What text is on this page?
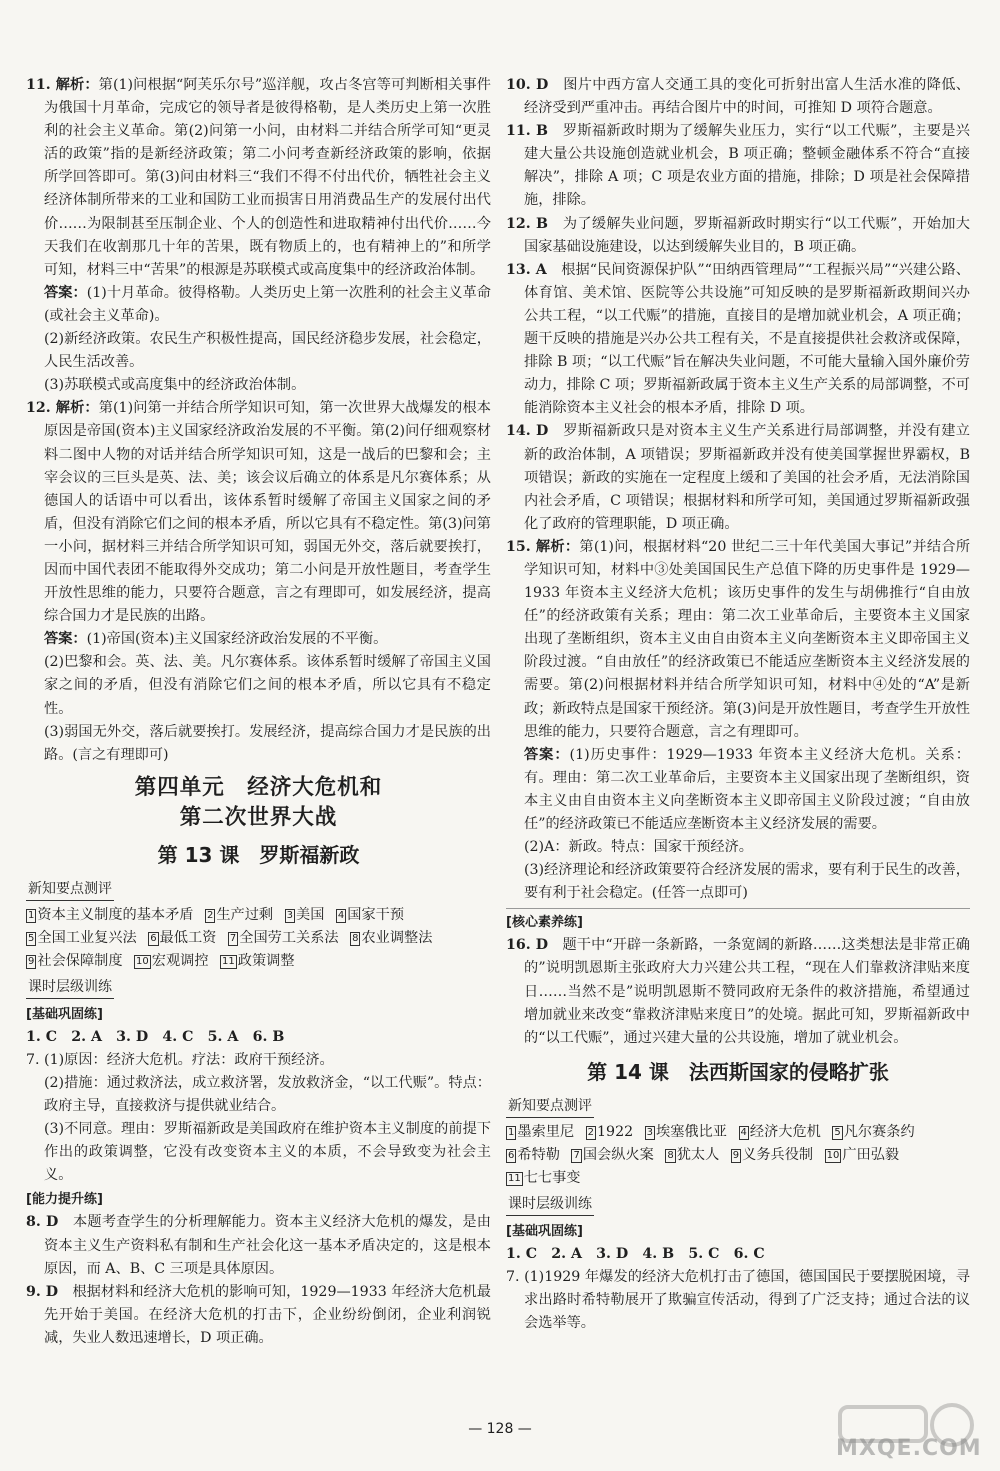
11. 解析：第(1)问根据“阿芙乐尔号”巡洋舰，攻占冬宫等可判断相关事件为俄国十月革命，完成它的领导者是彼得格勒，是人类历史上第一次胜利的社会主义革命。第(2)问第一小问，由材料二并结合所学可知“更灵活的政策”指的是新经济政策；第二小问考查新经济政策的影响，依据所学回答即可。第(3)问由材料三“我们不得不付出代价，牺牲社会主义经济体制所带来的工业和国防工业而损害日用消费品生产的发展付出代价……为限制甚至压制企业、个人的创造性和进取精神付出代价……今天我们在收割那几十年的苦果，既有物质上的，也有精神上的”和所学可知，材料三中“苦果”的根源是苏联模式或高度集中的经济政治体制。

答案：(1)十月革命。彼得格勒。人类历史上第一次胜利的社会主义革命(或社会主义革命)。

(2)新经济政策。农民生产积极性提高，国民经济稳步发展，社会稳定，人民生活改善。

(3)苏联模式或高度集中的经济政治体制。

12. 解析：第(1)问第一并结合所学知识可知，第一次世界大战爆发的根本原因是帝国(资本)主义国家经济政治发展的不平衡。第(2)问仔细观察材料二图中人物的对话并结合所学知识可知，这是一战后的巴黎和会；主宰会议的三巨头是英、法、美；该会议后确立的体系是凡尔赛体系；从德国人的话语中可以看出，该体系暂时缓解了帝国主义国家之间的矛盾，但没有消除它们之间的根本矛盾，所以它具有不稳定性。第(3)问第一小问，据材料三并结合所学知识可知，弱国无外交，落后就要挨打，因而中国代表团不能取得外交成功；第二小问是开放性题目，考查学生开放性思维的能力，只要符合题意，言之有理即可，如发展经济，提高综合国力才是民族的出路。

答案：(1)帝国(资本)主义国家经济政治发展的不平衡。

(2)巴黎和会。英、法、美。凡尔赛体系。该体系暂时缓解了帝国主义国家之间的矛盾，但没有消除它们之间的根本矛盾，所以它具有不稳定性。

(3)弱国无外交，落后就要挨打。发展经济，提高综合国力才是民族的出路。(言之有理即可)

第四单元　经济大危机和
第二次世界大战
第 13 课　罗斯福新政
新知要点测评
1 资本主义制度的基本矛盾 2 生产过剩 3 美国 4 国家干预 5 全国工业复兴法 6 最低工资 7 全国劳工关系法 8 农业调整法 9 社会保障制度 10 宏观调控 11 政策调整
课时层级训练
[基础巩固练]

1. C　2. A　3. D　4. C　5. A　6. B

7. (1)原因：经济大危机。疗法：政府干预经济。

(2)措施：通过救济法，成立救济署，发放救济金，“以工代赈”。特点：政府主导，直接救济与提供就业结合。

(3)不同意。理由：罗斯福新政是美国政府在维护资本主义制度的前提下作出的政策调整，它没有改变资本主义的本质，不会导致变为社会主义。

[能力提升练]

8. D　 本题考查学生的分析理解能力。资本主义经济大危机的爆发，是由资本主义生产资料私有制和生产社会化这一基本矛盾决定的，这是根本原因，而 A、B、C 三项是具体原因。

9. D　 根据材料和经济大危机的影响可知，1929—1933 年经济大危机最先开始于美国。在经济大危机的打击下，企业纷纷倒闭，企业利润锐减，失业人数迅速增长，D 项正确。

10. D　 图片中西方富人交通工具的变化可折射出富人生活水准的降低、经济受到严重冲击。再结合图片中的时间，可推知 D 项符合题意。

11. B　 罗斯福新政时期为了缓解失业压力，实行“以工代赈”，主要是兴建大量公共设施创造就业机会，B 项正确；整顿金融体系不符合“直接解决”，排除 A 项；C 项是农业方面的措施，排除；D 项是社会保障措施，排除。

12. B　 为了缓解失业问题，罗斯福新政时期实行“以工代赈”，开始加大国家基础设施建设，以达到缓解失业目的，B 项正确。

13. A　 根据“民间资源保护队”“田纳西管理局”“工程振兴局”“兴建公路、体育馆、美术馆、医院等公共设施”可知反映的是罗斯福新政期间兴办公共工程，“以工代赈”的措施，直接目的是增加就业机会，A 项正确；题干反映的措施是兴办公共工程有关，不是直接提供社会救济或保障，排除 B 项；“以工代赈”旨在解决失业问题，不可能大量输入国外廉价劳动力，排除 C 项；罗斯福新政属于资本主义生产关系的局部调整，不可能消除资本主义社会的根本矛盾，排除 D 项。

14. D　 罗斯福新政只是对资本主义生产关系进行局部调整，并没有建立新的政治体制，A 项错误；罗斯福新政并没有使美国掌握世界霸权，B 项错误；新政的实施在一定程度上缓和了美国的社会矛盾，无法消除国内社会矛盾，C 项错误；根据材料和所学可知，美国通过罗斯福新政强化了政府的管理职能，D 项正确。

15. 解析：第(1)问，根据材料“20 世纪二三十年代美国大事记”并结合所学知识可知，材料中③处美国国民生产总值下降的历史事件是 1929—1933 年资本主义经济大危机；该历史事件的发生与胡佛推行“自由放任”的经济政策有关系；理由：第二次工业革命后，主要资本主义国家出现了垄断组织，资本主义由自由资本主义向垄断资本主义即帝国主义阶段过渡。“自由放任”的经济政策已不能适应垄断资本主义经济发展的需要。第(2)问根据材料并结合所学知识可知，材料中④处的“A”是新政；新政特点是国家干预经济。第(3)问是开放性题目，考查学生开放性思维的能力，只要符合题意，言之有理即可。

答案：(1)历史事件：1929—1933 年资本主义经济大危机。关系：有。理由：第二次工业革命后，主要资本主义国家出现了垄断组织，资本主义由自由资本主义向垄断资本主义即帝国主义阶段过渡；“自由放任”的经济政策已不能适应垄断资本主义经济发展的需要。

(2)A：新政。特点：国家干预经济。

(3)经济理论和经济政策要符合经济发展的需求，要有利于民生的改善，要有利于社会稳定。(任答一点即可)

[核心素养练]

16. D　 题干中“开辟一条新路，一条宽阔的新路……这类想法是非常正确的”说明凯恩斯主张政府大力兴建公共工程，“现在人们靠救济津贴来度日……当然不是”说明凯恩斯不赞同政府无条件的救济措施，希望通过增加就业来改变“靠救济津贴来度日”的处境。据此可知，罗斯福新政中的“以工代赈”，通过兴建大量的公共设施，增加了就业机会。

第 14 课　法西斯国家的侵略扩张
新知要点测评
1 墨索里尼 2 1922 3 埃塞俄比亚 4 经济大危机 5 凡尔赛条约 6 希特勒 7 国会纵火案 8 犹太人 9 义务兵役制 10 广田弘毅 11 七七事变
课时层级训练
[基础巩固练]

1. C　2. A　3. D　4. B　5. C　6. C

7. (1)1929 年爆发的经济大危机打击了德国，德国国民于要摆脱困境，寻求出路时希特勒展开了欺骗宣传活动，得到了广泛支持；通过合法的议会选举等。

— 128 —
MXQE.COM
